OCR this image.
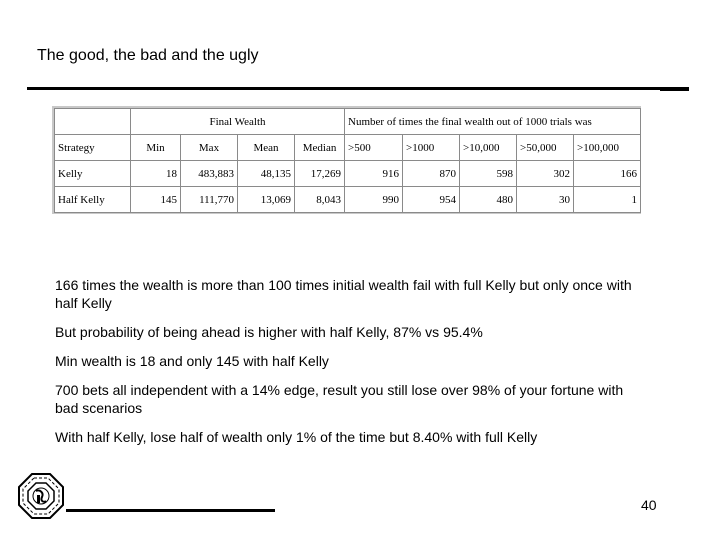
The good, the bad and the ugly
	Final Wealth				Number of times the final wealth out of 1000 trials was				
Strategy	Min	Max	Mean	Median	>500	>1000	>10,000	>50,000	>100,000
Kelly	18	483,883	48,135	17,269	916	870	598	302	166
Half Kelly	145	111,770	13,069	8,043	990	954	480	30	1

166 times the wealth is more than 100 times initial wealth fail with full Kelly but only once with half Kelly

But probability of being ahead is higher with half Kelly, 87% vs 95.4%

Min wealth is 18 and only 145 with half Kelly

700 bets all independent with a 14% edge, result you still lose over 98% of your fortune with bad scenarios

With half Kelly, lose half of wealth only 1% of the time but 8.40% with full Kelly

40
